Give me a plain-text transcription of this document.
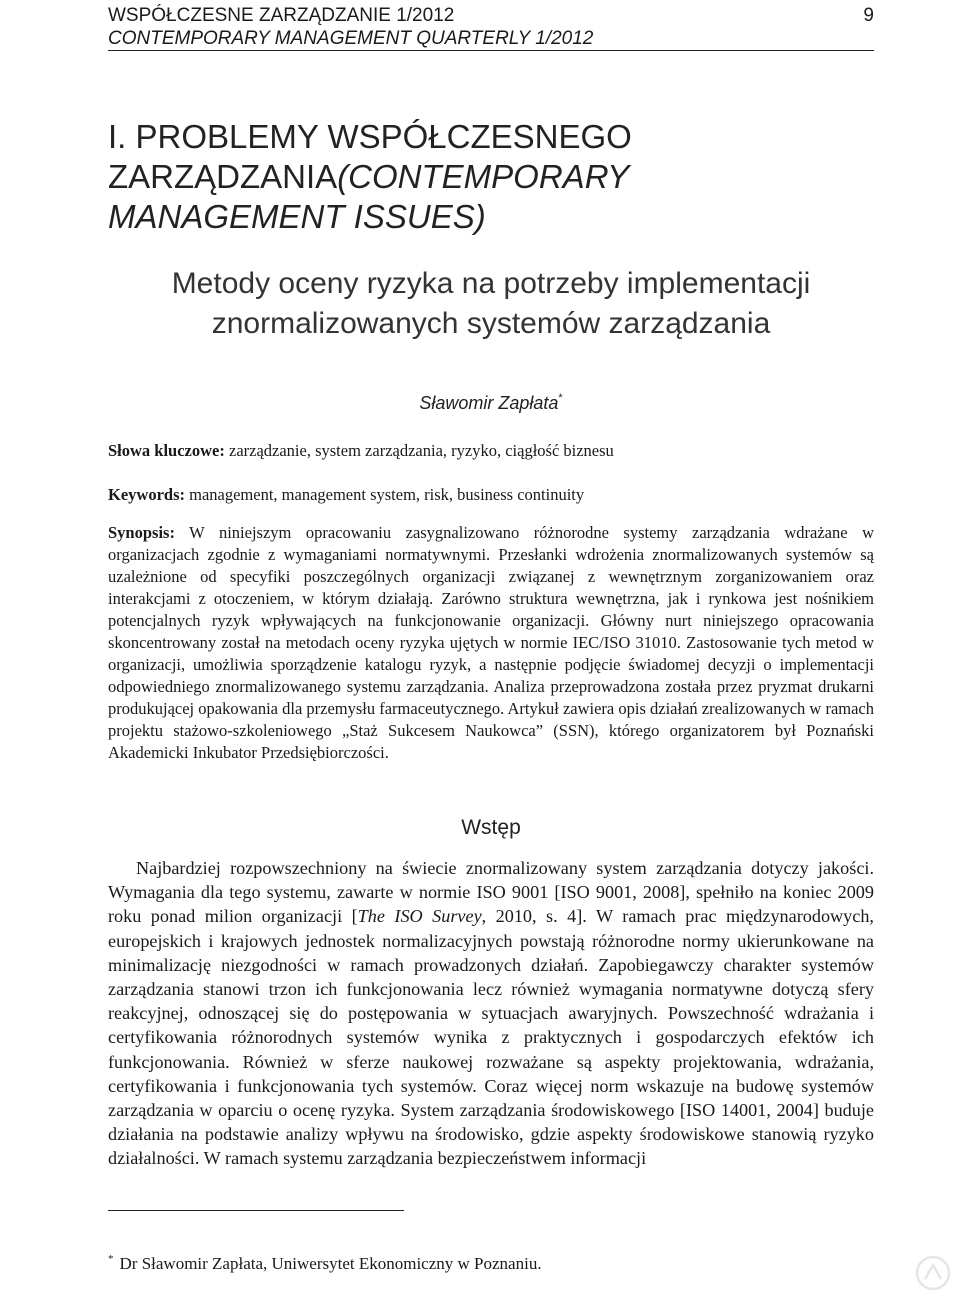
WSPÓŁCZESNE ZARZĄDZANIE 1/2012
CONTEMPORARY MANAGEMENT QUARTERLY 1/2012
9
I. PROBLEMY WSPÓŁCZESNEGO
ZARZĄDZANIA(CONTEMPORARY MANAGEMENT ISSUES)
Metody oceny ryzyka na potrzeby implementacji znormalizowanych systemów zarządzania
Sławomir Zapłata*
Słowa kluczowe: zarządzanie, system zarządzania, ryzyko, ciągłość biznesu
Keywords: management, management system, risk, business continuity
Synopsis: W niniejszym opracowaniu zasygnalizowano różnorodne systemy zarządzania wdrażane w organizacjach zgodnie z wymaganiami normatywnymi. Przesłanki wdrożenia znormalizowanych systemów są uzależnione od specyfiki poszczególnych organizacji związanej z wewnętrznym zorganizowaniem oraz interakcjami z otoczeniem, w którym działają. Zarówno struktura wewnętrzna, jak i rynkowa jest nośnikiem potencjalnych ryzyk wpływających na funkcjonowanie organizacji. Główny nurt niniejszego opracowania skoncentrowany został na metodach oceny ryzyka ujętych w normie IEC/ISO 31010. Zastosowanie tych metod w organizacji, umożliwia sporządzenie katalogu ryzyk, a następnie podjęcie świadomej decyzji o implementacji odpowiedniego znormalizowanego systemu zarządzania. Analiza przeprowadzona została przez pryzmat drukarni produkującej opakowania dla przemysłu farmaceutycznego. Artykuł zawiera opis działań zrealizowanych w ramach projektu stażowo-szkoleniowego „Staż Sukcesem Naukowca” (SSN), którego organizatorem był Poznański Akademicki Inkubator Przedsiębiorczości.
Wstęp

Najbardziej rozpowszechniony na świecie znormalizowany system zarządzania dotyczy jakości. Wymagania dla tego systemu, zawarte w normie ISO 9001 [ISO 9001, 2008], spełniło na koniec 2009 roku ponad milion organizacji [The ISO Survey, 2010, s. 4]. W ramach prac międzynarodowych, europejskich i krajowych jednostek normalizacyjnych powstają różnorodne normy ukierunkowane na minimalizację niezgodności w ramach prowadzonych działań. Zapobiegawczy charakter systemów zarządzania stanowi trzon ich funkcjonowania lecz również wymagania normatywne dotyczą sfery reakcyjnej, odnoszącej się do postępowania w sytuacjach awaryjnych. Powszechność wdrażania i certyfikowania różnorodnych systemów wynika z praktycznych i gospodarczych efektów ich funkcjonowania. Również w sferze naukowej rozważane są aspekty projektowania, wdrażania, certyfikowania i funkcjonowania tych systemów. Coraz więcej norm wskazuje na budowę systemów zarządzania w oparciu o ocenę ryzyka. System zarządzania środowiskowego [ISO 14001, 2004] buduje działania na podstawie analizy wpływu na środowisko, gdzie aspekty środowiskowe stanowią ryzyko działalności. W ramach systemu zarządzania bezpieczeństwem informacji

* Dr Sławomir Zapłata, Uniwersytet Ekonomiczny w Poznaniu.
